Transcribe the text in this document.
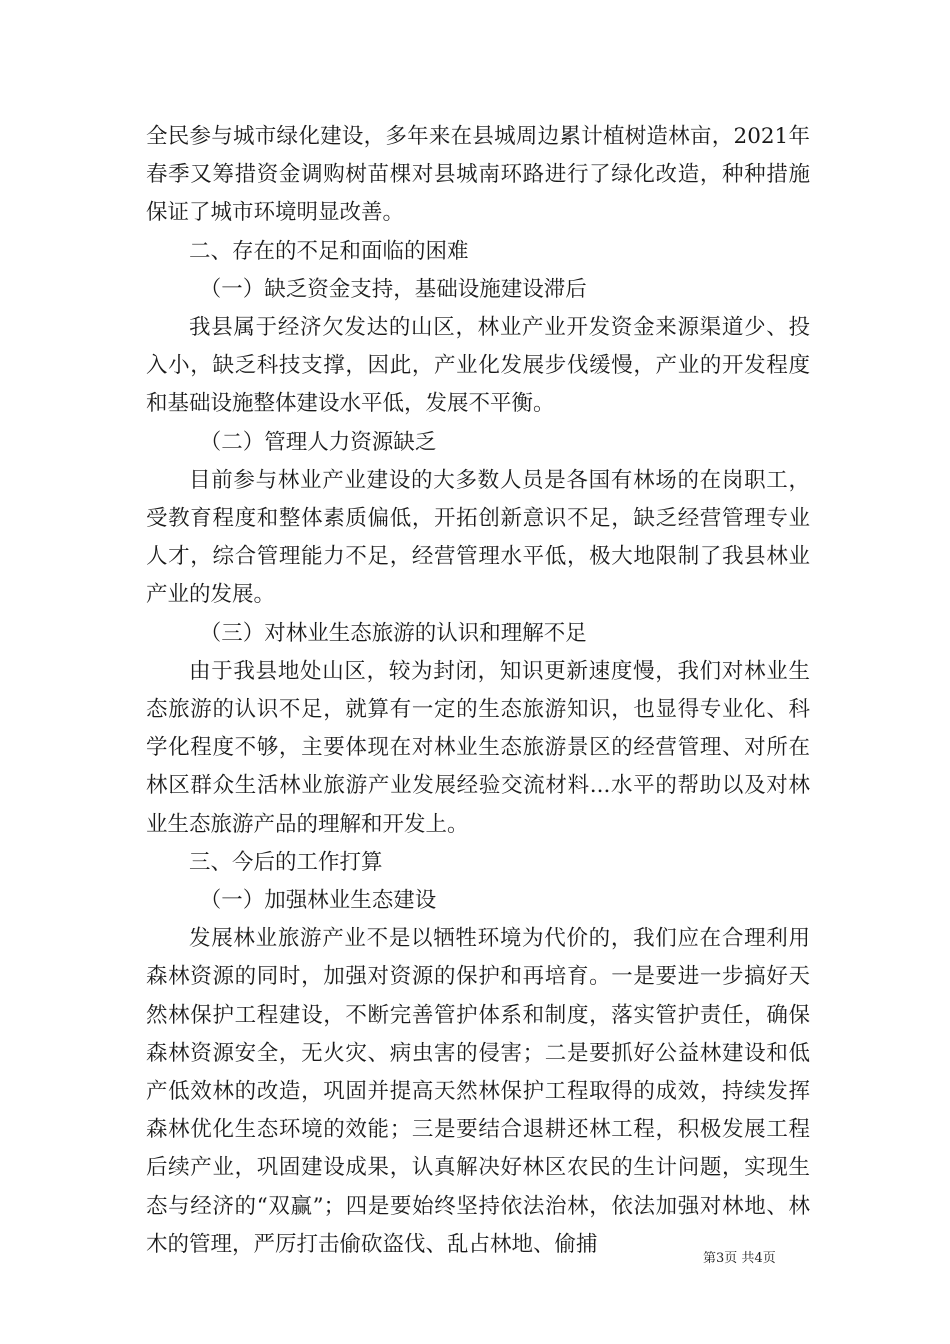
全民参与城市绿化建设，多年来在县城周边累计植树造林亩，2021年春季又筹措资金调购树苗棵对县城南环路进行了绿化改造，种种措施保证了城市环境明显改善。

二、存在的不足和面临的困难

（一）缺乏资金支持，基础设施建设滞后

我县属于经济欠发达的山区，林业产业开发资金来源渠道少、投入小，缺乏科技支撑，因此，产业化发展步伐缓慢，产业的开发程度和基础设施整体建设水平低，发展不平衡。

（二）管理人力资源缺乏

目前参与林业产业建设的大多数人员是各国有林场的在岗职工，受教育程度和整体素质偏低，开拓创新意识不足，缺乏经营管理专业人才，综合管理能力不足，经营管理水平低，极大地限制了我县林业产业的发展。

（三）对林业生态旅游的认识和理解不足

由于我县地处山区，较为封闭，知识更新速度慢，我们对林业生态旅游的认识不足，就算有一定的生态旅游知识，也显得专业化、科学化程度不够，主要体现在对林业生态旅游景区的经营管理、对所在林区群众生活林业旅游产业发展经验交流材料...水平的帮助以及对林业生态旅游产品的理解和开发上。

三、今后的工作打算

（一）加强林业生态建设

发展林业旅游产业不是以牺牲环境为代价的，我们应在合理利用森林资源的同时，加强对资源的保护和再培育。一是要进一步搞好天然林保护工程建设，不断完善管护体系和制度，落实管护责任，确保森林资源安全，无火灾、病虫害的侵害；二是要抓好公益林建设和低产低效林的改造，巩固并提高天然林保护工程取得的成效，持续发挥森林优化生态环境的效能；三是要结合退耕还林工程，积极发展工程后续产业，巩固建设成果，认真解决好林区农民的生计问题，实现生态与经济的“双赢”；四是要始终坚持依法治林，依法加强对林地、林木的管理，严厉打击偷砍盗伐、乱占林地、偷捕

第3页 共4页
